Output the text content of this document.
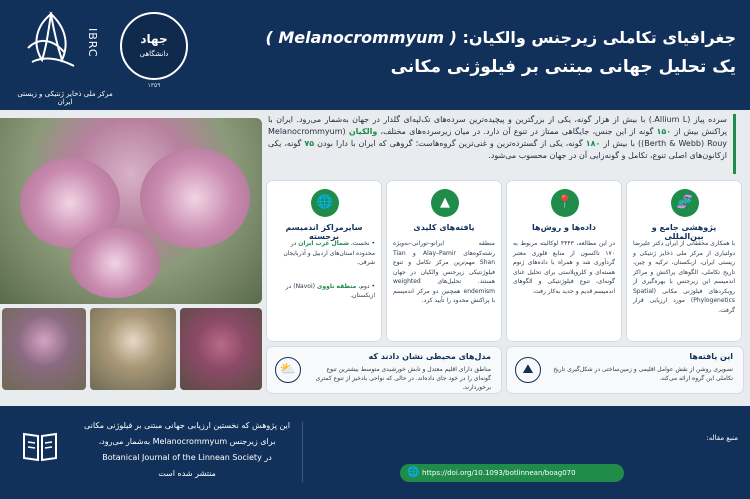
IBRC
مرکز ملی ذخایر ژنتیکی و زیستی ایران
جهاد
دانشگاهی
۱۳۵۹
جغرافیای تکاملی زیرجنس والکیان: ( Melanocrommyum )
یک تحلیل جهانی مبتنی بر فیلوژنی مکانی
سرده پیاز (Allium L.) با بیش از هزار گونه، یکی از بزرگترین و پیچیده‌ترین سرده‌های تک‌لپه‌ای گلدار در جهان به‌شمار می‌رود. ایران با پراکنش بیش از ۱۵۰ گونه از این جنس، جایگاهی ممتاز در تنوع آن دارد. در میان زیرسرده‌های مختلف، والکیان (Melanocrommyum (Berth & Webb) Rouy) با بیش از ۱۸۰ گونه، یکی از گسترده‌ترین و غنی‌ترین گروه‌هاست؛ گروهی که ایران با دارا بودن ۷۵ گونه، یکی ازکانون‌های اصلی تنوع، تکامل و گونه‌زایی آن در جهان محسوب می‌شود.
🧬
پژوهشی جامع و بین‌المللی
با همکاری محققانی از ایران دکتر علیرضا دولتیاری از مرکز ملی ذخایر ژنتیکی و زیستی ایران، ازبکستان، ترکیه و چین، تاریخ تکاملی، الگوهای پراکنش و مراکز اندمیسم این زیرجنس با بهره‌گیری از رویکردهای فیلوژنی مکانی (Spatial Phylogenetics) مورد ارزیابی قرار گرفت.
📍
داده‌ها و روش‌ها
در این مطالعه، ۴۴۴۳ لوکالیته مربوط به ۱۷۰ تاکسون از منابع فلوری معتبر گردآوری شد و همراه با داده‌های ژنوم هسته‌ای و کلروپلاستی برای تحلیل غنای گونه‌ای، تنوع فیلوژنتیکی و الگوهای اندمیسم قدیم و جدید به‌کار رفت.
▲
یافته‌های کلیدی
منطقه ایرانو–تورانی–به‌ویژه رشته‌کوه‌های Alay–Pamir و Tian Shan مهم‌ترین مرکز تکامل و تنوع فیلوژنتیکی زیرجنس والکیان در جهان هستند. تحلیل‌های weighted endemism همچنین دو مرکز اندمیسم با پراکنش محدود را تأیید کرد.
🌐
سایرمراکز اندمیسم برجسته
• نخست، شمال غرب ایران در محدوده استان‌های اردبیل و آذربایجان شرقی.
• دوم، منطقه ناووی (Navoi) در ازبکستان.
این یافته‌ها
تصویری روشن از نقش عوامل اقلیمی و زمین‌ساختی در شکل‌گیری تاریخ تکاملی این گروه ارائه می‌کند.
⛰
مدل‌های محیطی نشان دادند که
مناطق دارای اقلیم معتدل و تابش خورشیدی متوسط بیشترین تنوع گونه‌ای را در خود جای داده‌اند. در حالی که نواحی بادخیز از تنوع کمتری برخوردارند.
⛅
این پژوهش که نخستین ارزیابی جهانی مبتنی بر فیلوژنی مکانی
برای زیرجنس Melanocrommyum به‌شمار می‌رود،
در Botanical Journal of the Linnean Society
منتشر شده است
منبع مقاله:
🌐 https://doi.org/10.1093/botlinnean/boag070
